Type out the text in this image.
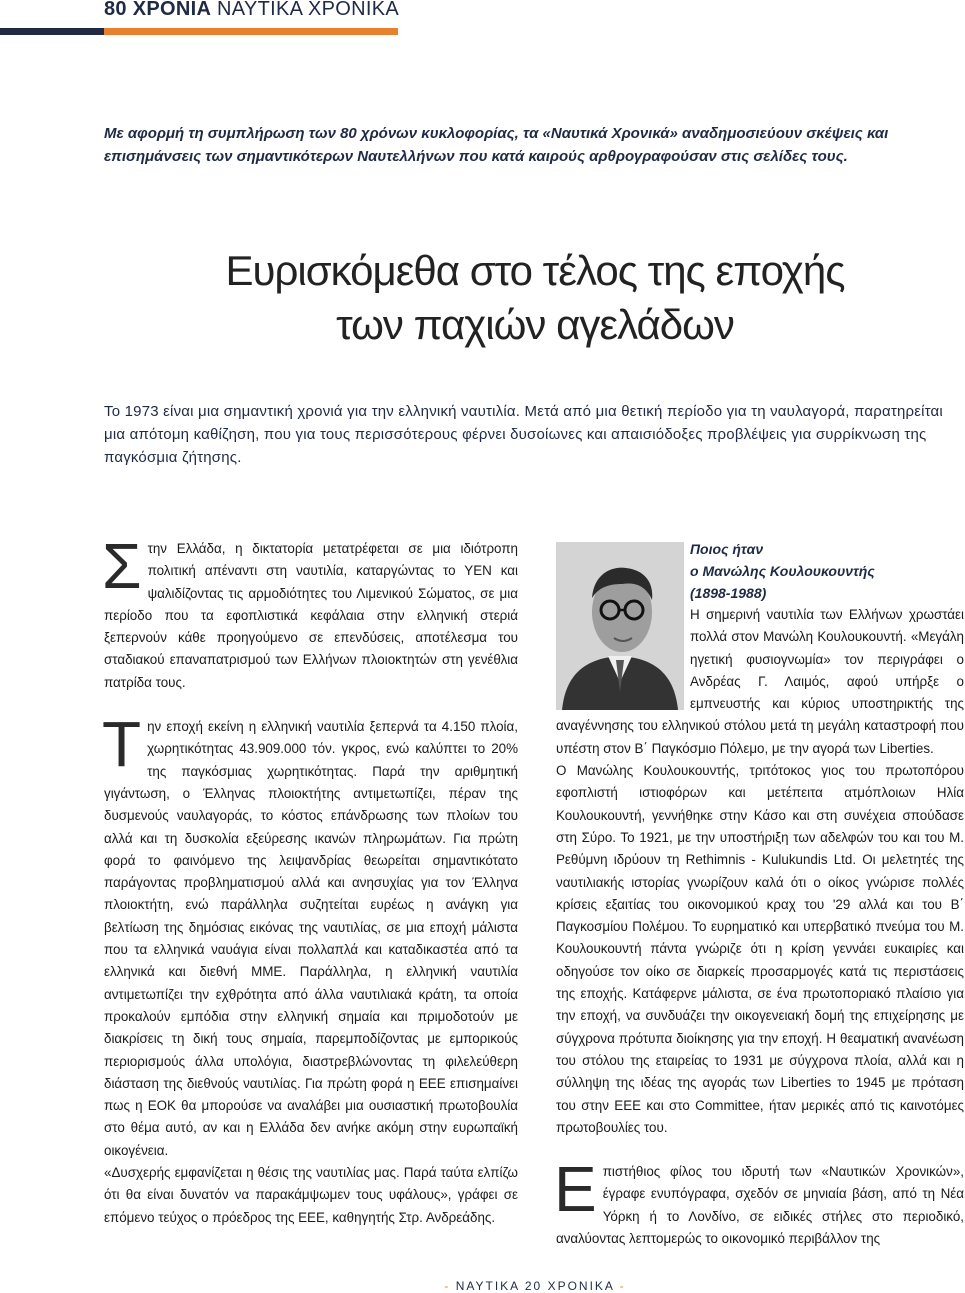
80 ΧΡΟΝΙΑ ΝΑΥΤΙΚΑ ΧΡΟΝΙΚΑ
Με αφορμή τη συμπλήρωση των 80 χρόνων κυκλοφορίας, τα «Ναυτικά Χρονικά» αναδημοσιεύουν σκέψεις και επισημάνσεις των σημαντικότερων Ναυτελλήνων που κατά καιρούς αρθρογραφούσαν στις σελίδες τους.
Ευρισκόμεθα στο τέλος της εποχής
των παχιών αγελάδων
Το 1973 είναι μια σημαντική χρονιά για την ελληνική ναυτιλία. Μετά από μια θετική περίοδο για τη ναυλαγορά, παρατηρείται μια απότομη καθίζηση, που για τους περισσότερους φέρνει δυσοίωνες και απαισιόδοξες προβλέψεις για συρρίκνωση της παγκόσμια ζήτησης.

Σ την Ελλάδα, η δικτατορία μετατρέφεται σε μια ιδιότροπη πολιτική απέναντι στη ναυτιλία, καταργώντας το ΥΕΝ και ψαλιδίζοντας τις αρμοδιότητες του Λιμενικού Σώματος, σε μια περίοδο που τα εφοπλιστικά κεφάλαια στην ελληνική στεριά ξεπερνούν κάθε προηγούμενο σε επενδύσεις, αποτέλεσμα του σταδιακού επαναπατρισμού των Ελλήνων πλοιοκτητών στη γενέθλια πατρίδα τους.

Τ ην εποχή εκείνη η ελληνική ναυτιλία ξεπερνά τα 4.150 πλοία, χωρητικότητας 43.909.000 τόν. γκρος, ενώ καλύπτει το 20% της παγκόσμιας χωρητικότητας. Παρά την αριθμητική γιγάντωση, ο Έλληνας πλοιοκτήτης αντιμετωπίζει, πέραν της δυσμενούς ναυλαγοράς, το κόστος επάνδρωσης των πλοίων του αλλά και τη δυσκολία εξεύρεσης ικανών πληρωμάτων. Για πρώτη φορά το φαινόμενο της λειψανδρίας θεωρείται σημαντικότατο παράγοντας προβληματισμού αλλά και ανησυχίας για τον Έλληνα πλοιοκτήτη, ενώ παράλληλα συζητείται ευρέως η ανάγκη για βελτίωση της δημόσιας εικόνας της ναυτιλίας, σε μια εποχή μάλιστα που τα ελληνικά ναυάγια είναι πολλαπλά και καταδικαστέα από τα ελληνικά και διεθνή ΜΜΕ. Παράλληλα, η ελληνική ναυτιλία αντιμετωπίζει την εχθρότητα από άλλα ναυτιλιακά κράτη, τα οποία προκαλούν εμπόδια στην ελληνική σημαία και πριμοδοτούν με διακρίσεις τη δική τους σημαία, παρεμποδίζοντας με εμπορικούς περιορισμούς άλλα υπολόγια, διαστρεβλώνοντας τη φιλελεύθερη διάσταση της διεθνούς ναυτιλίας. Για πρώτη φορά η ΕΕΕ επισημαίνει πως η ΕΟΚ θα μπορούσε να αναλάβει μια ουσιαστική πρωτοβουλία στο θέμα αυτό, αν και η Ελλάδα δεν ανήκε ακόμη στην ευρωπαϊκή οικογένεια.

«Δυσχερής εμφανίζεται η θέσις της ναυτιλίας μας. Παρά ταύτα ελπίζω ότι θα είναι δυνατόν να παρακάμψωμεν τους υφάλους», γράφει σε επόμενο τεύχος ο πρόεδρος της ΕΕΕ, καθηγητής Στρ. Ανδρεάδης.

Ποιος ήταν

ο Μανώλης Κουλουκουντής

(1898-1988)

Η σημερινή ναυτιλία των Ελλήνων χρωστάει πολλά στον Μανώλη Κουλουκουντή. «Μεγάλη ηγετική φυσιογνωμία» τον περιγράφει ο Ανδρέας Γ. Λαιμός, αφού υπήρξε ο εμπνευστής και κύριος υποστηρικτής της αναγέννησης του ελληνικού στόλου μετά τη μεγάλη καταστροφή που υπέστη στον Β΄ Παγκόσμιο Πόλεμο, με την αγορά των Liberties.

Ο Μανώλης Κουλουκουντής, τριτότοκος γιος του πρωτοπόρου εφοπλιστή ιστιοφόρων και μετέπειτα ατμόπλοιων Ηλία Κουλουκουντή, γεννήθηκε στην Κάσο και στη συνέχεια σπούδασε στη Σύρο. Το 1921, με την υποστήριξη των αδελφών του και του Μ. Ρεθύμνη ιδρύουν τη Rethimnis - Kulukundis Ltd. Οι μελετητές της ναυτιλιακής ιστορίας γνωρίζουν καλά ότι ο οίκος γνώρισε πολλές κρίσεις εξαιτίας του οικονομικού κραχ του '29 αλλά και του Β΄ Παγκοσμίου Πολέμου. Το ευρηματικό και υπερβατικό πνεύμα του Μ. Κουλουκουντή πάντα γνώριζε ότι η κρίση γεννάει ευκαιρίες και οδηγούσε τον οίκο σε διαρκείς προσαρμογές κατά τις περιστάσεις της εποχής. Κατάφερνε μάλιστα, σε ένα πρωτοποριακό πλαίσιο για την εποχή, να συνδυάζει την οικογενειακή δομή της επιχείρησης με σύγχρονα πρότυπα διοίκησης για την εποχή. Η θεαματική ανανέωση του στόλου της εταιρείας το 1931 με σύγχρονα πλοία, αλλά και η σύλληψη της ιδέας της αγοράς των Liberties το 1945 με πρόταση του στην ΕΕΕ και στο Committee, ήταν μερικές από τις καινοτόμες πρωτοβουλίες του.

Ε πιστήθιος φίλος του ιδρυτή των «Ναυτικών Χρονικών», έγραφε ενυπόγραφα, σχεδόν σε μηνιαία βάση, από τη Νέα Υόρκη ή το Λονδίνο, σε ειδικές στήλες στο περιοδικό, αναλύοντας λεπτομερώς το οικονομικό περιβάλλον της

- ΝΑΥΤΙΚΑ 20 ΧΡΟΝΙΚΑ -
